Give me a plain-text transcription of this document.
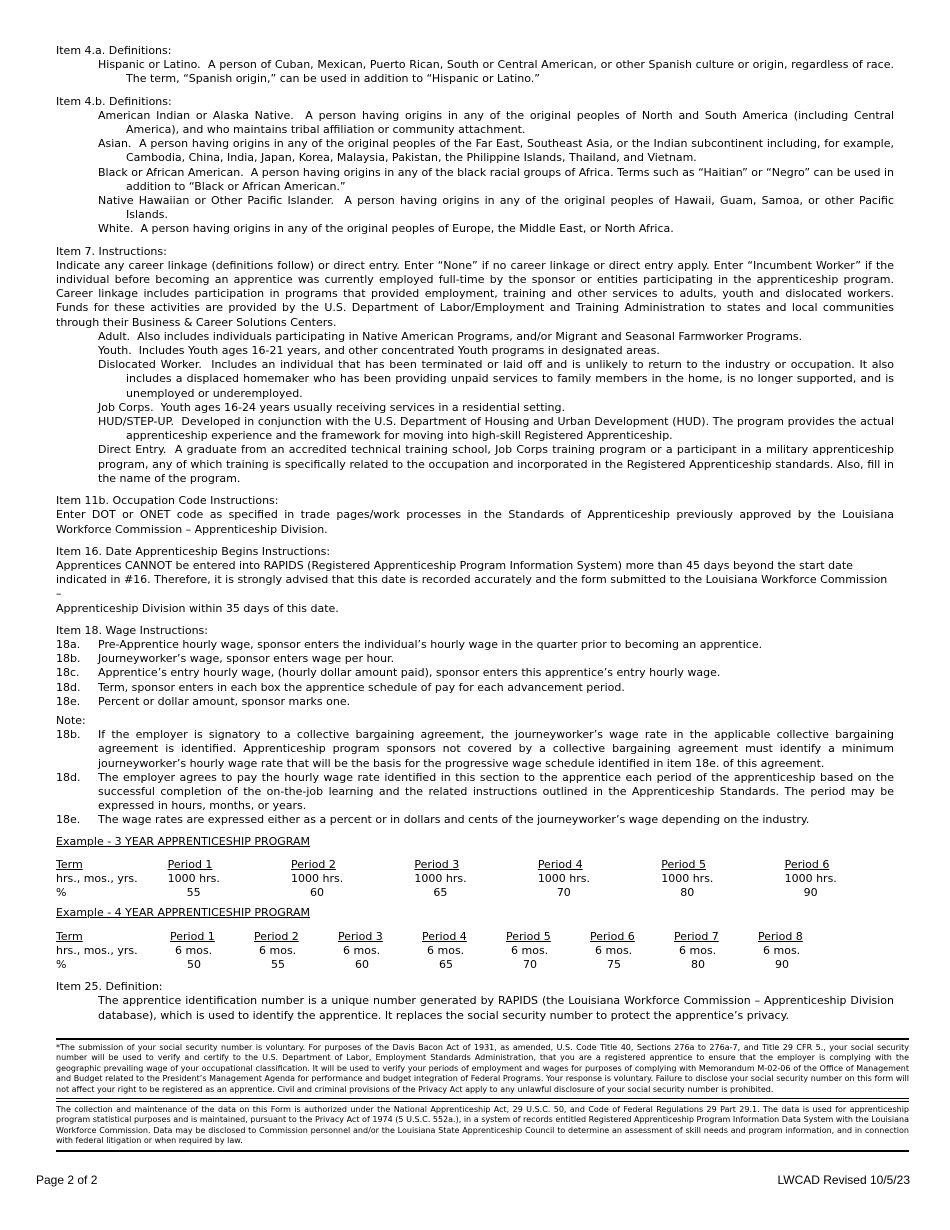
Item 4.a. Definitions:

Hispanic or Latino. A person of Cuban, Mexican, Puerto Rican, South or Central American, or other Spanish culture or origin, regardless of race. The term, “Spanish origin,” can be used in addition to “Hispanic or Latino.”

Item 4.b. Definitions:

American Indian or Alaska Native. A person having origins in any of the original peoples of North and South America (including Central America), and who maintains tribal affiliation or community attachment.

Asian. A person having origins in any of the original peoples of the Far East, Southeast Asia, or the Indian subcontinent including, for example, Cambodia, China, India, Japan, Korea, Malaysia, Pakistan, the Philippine Islands, Thailand, and Vietnam.

Black or African American. A person having origins in any of the black racial groups of Africa. Terms such as “Haitian” or “Negro” can be used in addition to “Black or African American.”

Native Hawaiian or Other Pacific Islander. A person having origins in any of the original peoples of Hawaii, Guam, Samoa, or other Pacific Islands.

White. A person having origins in any of the original peoples of Europe, the Middle East, or North Africa.

Item 7. Instructions:

Indicate any career linkage (definitions follow) or direct entry. Enter “None” if no career linkage or direct entry apply. Enter “Incumbent Worker” if the individual before becoming an apprentice was currently employed full-time by the sponsor or entities participating in the apprenticeship program. Career linkage includes participation in programs that provided employment, training and other services to adults, youth and dislocated workers. Funds for these activities are provided by the U.S. Department of Labor/Employment and Training Administration to states and local communities through their Business & Career Solutions Centers.

Adult. Also includes individuals participating in Native American Programs, and/or Migrant and Seasonal Farmworker Programs.

Youth. Includes Youth ages 16-21 years, and other concentrated Youth programs in designated areas.

Dislocated Worker. Includes an individual that has been terminated or laid off and is unlikely to return to the industry or occupation. It also includes a displaced homemaker who has been providing unpaid services to family members in the home, is no longer supported, and is unemployed or underemployed.

Job Corps. Youth ages 16-24 years usually receiving services in a residential setting.

HUD/STEP-UP. Developed in conjunction with the U.S. Department of Housing and Urban Development (HUD). The program provides the actual apprenticeship experience and the framework for moving into high-skill Registered Apprenticeship.

Direct Entry. A graduate from an accredited technical training school, Job Corps training program or a participant in a military apprenticeship program, any of which training is specifically related to the occupation and incorporated in the Registered Apprenticeship standards. Also, fill in the name of the program.

Item 11b. Occupation Code Instructions:

Enter DOT or ONET code as specified in trade pages/work processes in the Standards of Apprenticeship previously approved by the Louisiana Workforce Commission – Apprenticeship Division.

Item 16. Date Apprenticeship Begins Instructions:

Apprentices CANNOT be entered into RAPIDS (Registered Apprenticeship Program Information System) more than 45 days beyond the start date

indicated in #16. Therefore, it is strongly advised that this date is recorded accurately and the form submitted to the Louisiana Workforce Commission –

Apprenticeship Division within 35 days of this date.

Item 18. Wage Instructions:

18a.	Pre-Apprentice hourly wage, sponsor enters the individual’s hourly wage in the quarter prior to becoming an apprentice.
18b.	Journeyworker’s wage, sponsor enters wage per hour.
18c.	Apprentice’s entry hourly wage, (hourly dollar amount paid), sponsor enters this apprentice’s entry hourly wage.
18d.	Term, sponsor enters in each box the apprentice schedule of pay for each advancement period.
18e.	Percent or dollar amount, sponsor marks one.

Note:

18b.	If the employer is signatory to a collective bargaining agreement, the journeyworker’s wage rate in the applicable collective bargaining agreement is identified. Apprenticeship program sponsors not covered by a collective bargaining agreement must identify a minimum journeyworker’s hourly wage rate that will be the basis for the progressive wage schedule identified in item 18e. of this agreement.
18d.	The employer agrees to pay the hourly wage rate identified in this section to the apprentice each period of the apprenticeship based on the successful completion of the on-the-job learning and the related instructions outlined in the Apprenticeship Standards. The period may be expressed in hours, months, or years.
18e.	The wage rates are expressed either as a percent or in dollars and cents of the journeyworker’s wage depending on the industry.

Example - 3 YEAR APPRENTICESHIP PROGRAM

Term	Period 1	Period 2	Period 3	Period 4	Period 5	Period 6
hrs., mos., yrs.	1000 hrs.	1000 hrs.	1000 hrs.	1000 hrs.	1000 hrs.	1000 hrs.
%	55	60	65	70	80	90

Example - 4 YEAR APPRENTICESHIP PROGRAM

Term	Period 1	Period 2	Period 3	Period 4	Period 5	Period 6	Period 7	Period 8
hrs., mos., yrs.	6 mos.	6 mos.	6 mos.	6 mos.	6 mos.	6 mos.	6 mos.	6 mos.
%	50	55	60	65	70	75	80	90

Item 25. Definition:

The apprentice identification number is a unique number generated by RAPIDS (the Louisiana Workforce Commission – Apprenticeship Division database), which is used to identify the apprentice. It replaces the social security number to protect the apprentice’s privacy.

*The submission of your social security number is voluntary. For purposes of the Davis Bacon Act of 1931, as amended, U.S. Code Title 40, Sections 276a to 276a-7, and Title 29 CFR 5., your social security number will be used to verify and certify to the U.S. Department of Labor, Employment Standards Administration, that you are a registered apprentice to ensure that the employer is complying with the geographic prevailing wage of your occupational classification. It will be used to verify your periods of employment and wages for purposes of complying with Memorandum M-02-06 of the Office of Management and Budget related to the President’s Management Agenda for performance and budget integration of Federal Programs. Your response is voluntary. Failure to disclose your social security number on this form will not affect your right to be registered as an apprentice. Civil and criminal provisions of the Privacy Act apply to any unlawful disclosure of your social security number is prohibited.

The collection and maintenance of the data on this Form is authorized under the National Apprenticeship Act, 29 U.S.C. 50, and Code of Federal Regulations 29 Part 29.1. The data is used for apprenticeship program statistical purposes and is maintained, pursuant to the Privacy Act of 1974 (5 U.S.C. 552a.), in a system of records entitled Registered Apprenticeship Program Information Data System with the Louisiana Workforce Commission. Data may be disclosed to Commission personnel and/or the Louisiana State Apprenticeship Council to determine an assessment of skill needs and program information, and in connection with federal litigation or when required by law.

Page 2 of 2	LWCAD Revised 10/5/23
